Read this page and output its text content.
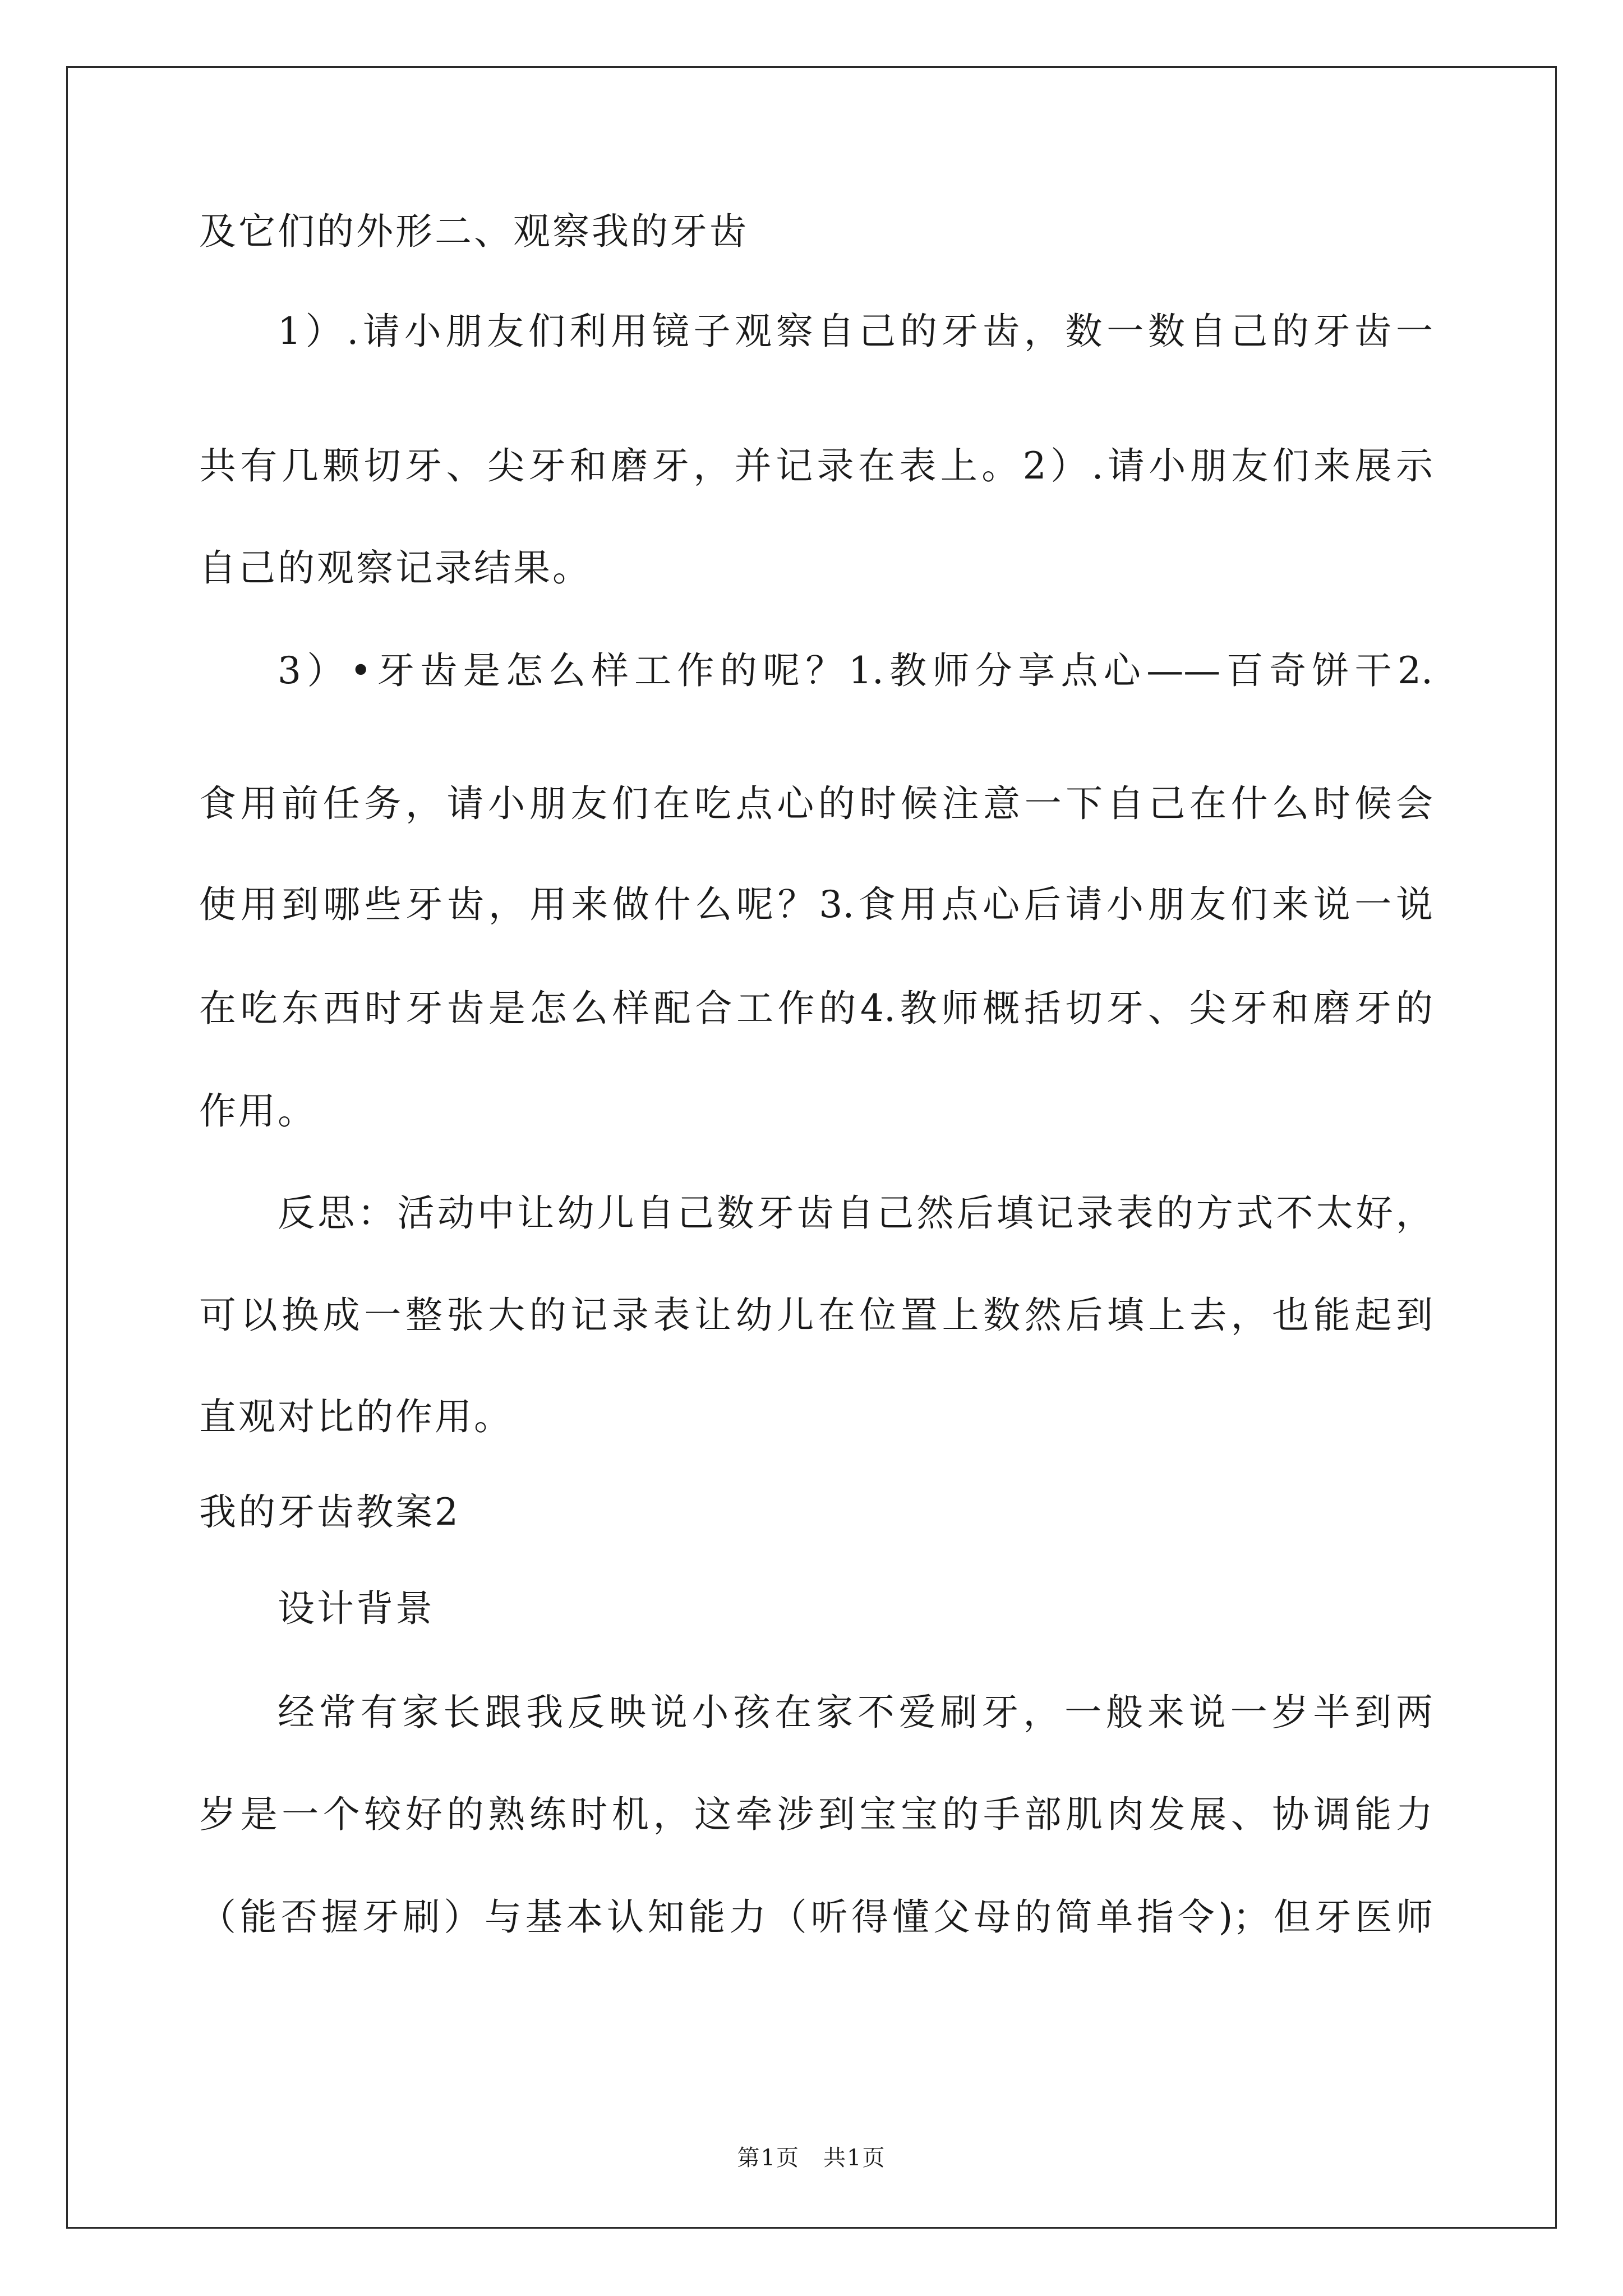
及它们的外形二、观察我的牙齿
1）.请小朋友们利用镜子观察自己的牙齿，数一数自己的牙齿一
共有几颗切牙、尖牙和磨牙，并记录在表上。2）.请小朋友们来展示
自己的观察记录结果。
3）•牙齿是怎么样工作的呢？1.教师分享点心——百奇饼干2.
食用前任务，请小朋友们在吃点心的时候注意一下自己在什么时候会
使用到哪些牙齿，用来做什么呢？3.食用点心后请小朋友们来说一说
在吃东西时牙齿是怎么样配合工作的4.教师概括切牙、尖牙和磨牙的
作用。
反思：活动中让幼儿自己数牙齿自己然后填记录表的方式不太好，
可以换成一整张大的记录表让幼儿在位置上数然后填上去，也能起到
直观对比的作用。
我的牙齿教案2
设计背景
经常有家长跟我反映说小孩在家不爱刷牙，一般来说一岁半到两
岁是一个较好的熟练时机，这牵涉到宝宝的手部肌肉发展、协调能力
（能否握牙刷）与基本认知能力（听得懂父母的简单指令)；但牙医师
第1页　共1页
